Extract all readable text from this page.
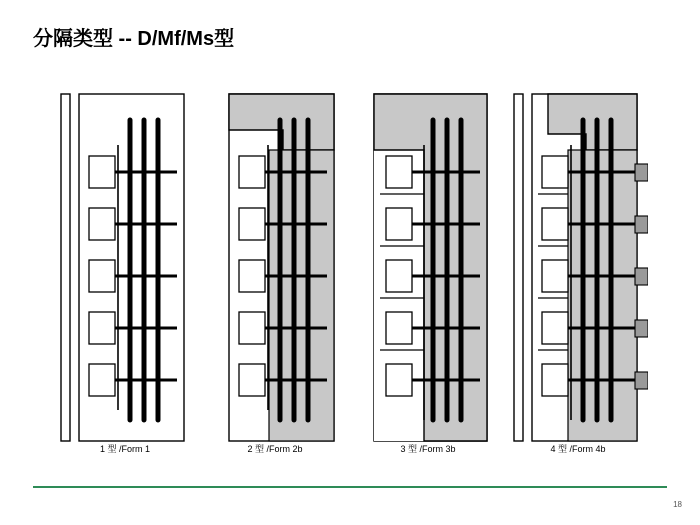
分隔类型 -- D/Mf/Ms型
1 型 /Form 1	2 型 /Form 2b	3 型 /Form 3b	4 型 /Form 4b
18
